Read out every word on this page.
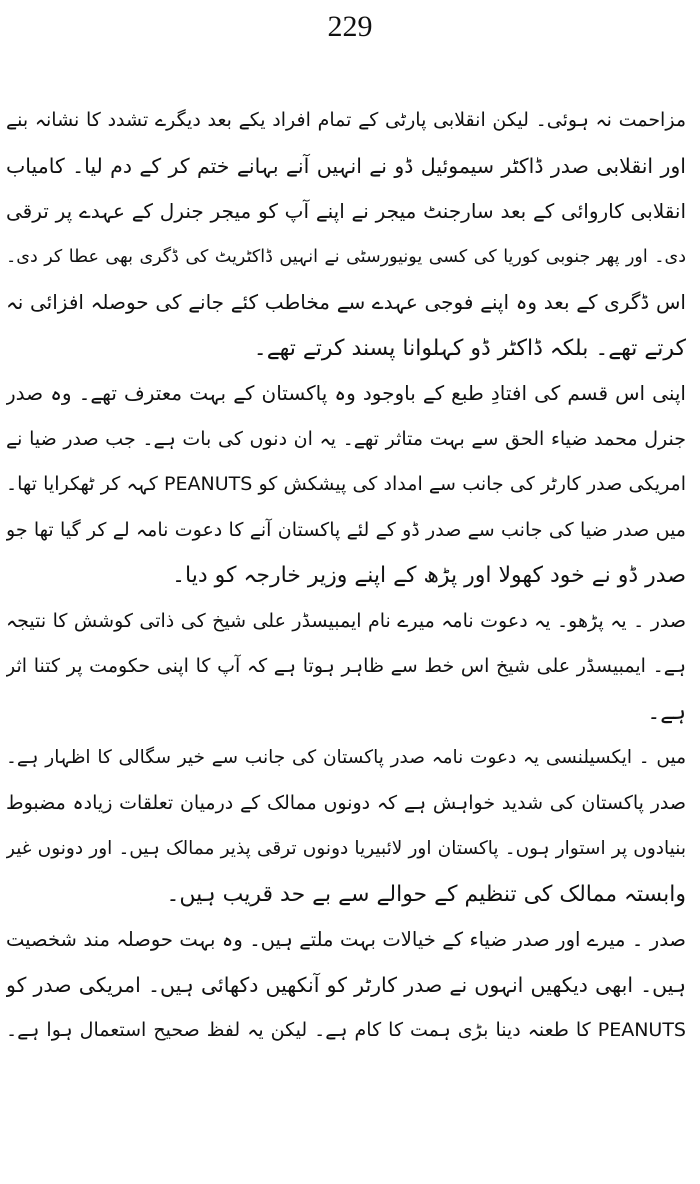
229
مزاحمت نہ ہوئی۔ لیکن انقلابی پارٹی کے تمام افراد یکے بعد دیگرے تشدد کا نشانہ بنے
اور انقلابی صدر ڈاکٹر سیموئیل ڈو نے انہیں آنے بہانے ختم کر کے دم لیا۔ کامیاب
انقلابی کاروائی کے بعد سارجنٹ میجر نے اپنے آپ کو میجر جنرل کے عہدے پر ترقی
دی۔ اور پھر جنوبی کوریا کی کسی یونیورسٹی نے انہیں ڈاکٹریٹ کی ڈگری بھی عطا کر دی۔
اس ڈگری کے بعد وہ اپنے فوجی عہدے سے مخاطب کئے جانے کی حوصلہ افزائی نہ
کرتے تھے۔ بلکہ ڈاکٹر ڈو کہلوانا پسند کرتے تھے۔
اپنی اس قسم کی افتادِ طبع کے باوجود وہ پاکستان کے بہت معترف تھے۔ وہ صدر
جنرل محمد ضیاء الحق سے بہت متاثر تھے۔ یہ ان دنوں کی بات ہے۔ جب صدر ضیا نے
امریکی صدر کارٹر کی جانب سے امداد کی پیشکش کو PEANUTS کہہ کر ٹھکرایا تھا۔
میں صدر ضیا کی جانب سے صدر ڈو کے لئے پاکستان آنے کا دعوت نامہ لے کر گیا تھا جو
صدر ڈو نے خود کھولا اور پڑھ کے اپنے وزیر خارجہ کو دیا۔
صدر ۔ یہ پڑھو۔ یہ دعوت نامہ میرے نام ایمبیسڈر علی شیخ کی ذاتی کوشش کا نتیجہ
ہے۔ ایمبیسڈر علی شیخ اس خط سے ظاہر ہوتا ہے کہ آپ کا اپنی حکومت پر کتنا اثر
ہے۔
میں ۔ ایکسیلنسی یہ دعوت نامہ صدر پاکستان کی جانب سے خیر سگالی کا اظہار ہے۔
صدر پاکستان کی شدید خواہش ہے کہ دونوں ممالک کے درمیان تعلقات زیادہ مضبوط
بنیادوں پر استوار ہوں۔ پاکستان اور لائبیریا دونوں ترقی پذیر ممالک ہیں۔ اور دونوں غیر
وابستہ ممالک کی تنظیم کے حوالے سے بے حد قریب ہیں۔
صدر ۔ میرے اور صدر ضیاء کے خیالات بہت ملتے ہیں۔ وہ بہت حوصلہ مند شخصیت
ہیں۔ ابھی دیکھیں انہوں نے صدر کارٹر کو آنکھیں دکھائی ہیں۔ امریکی صدر کو
PEANUTS کا طعنہ دینا بڑی ہمت کا کام ہے۔ لیکن یہ لفظ صحیح استعمال ہوا ہے۔
